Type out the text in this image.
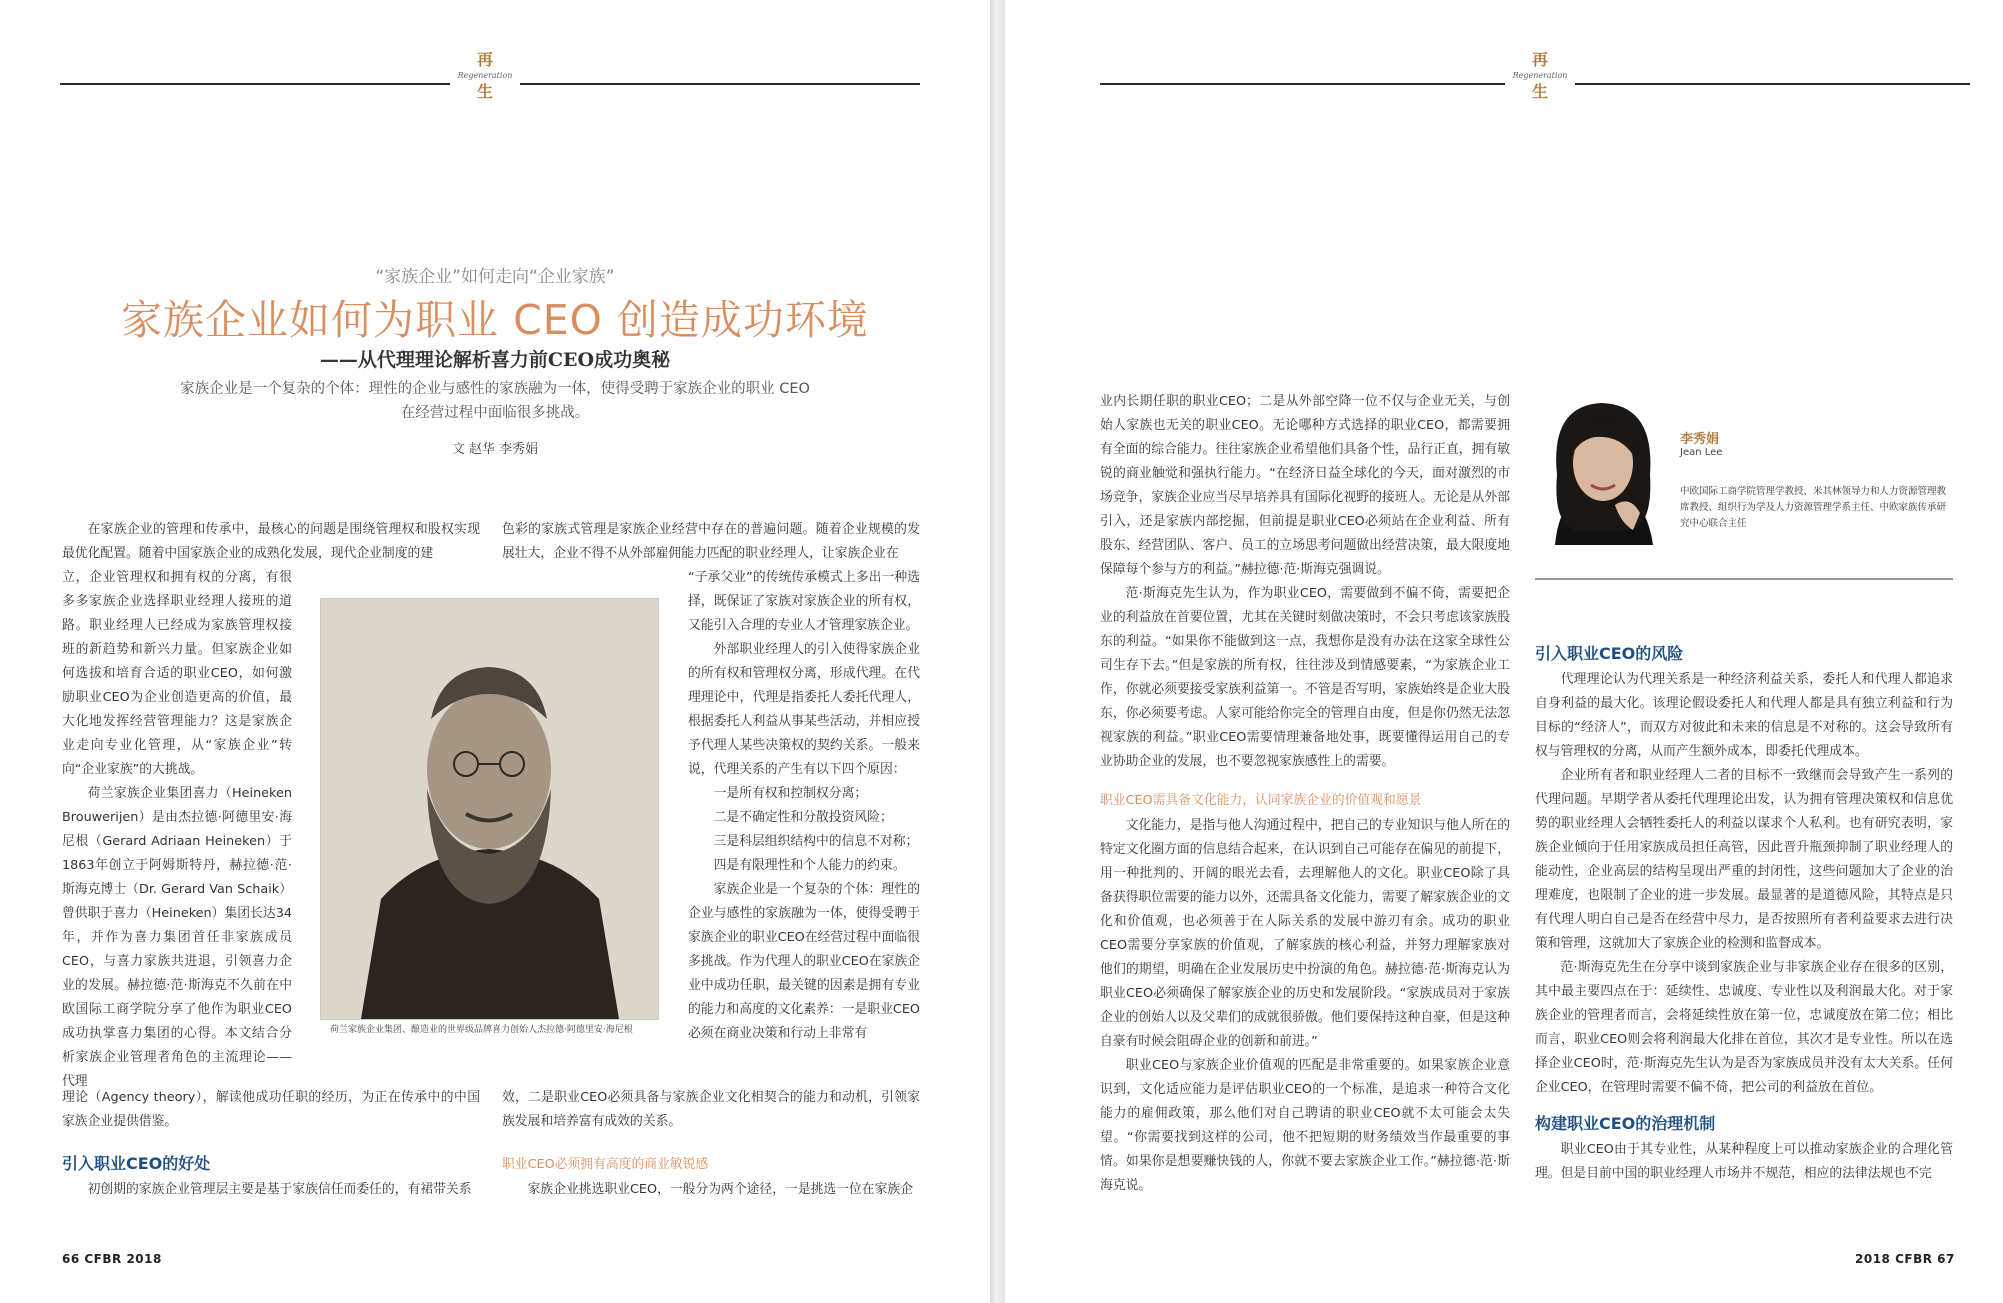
再
Regeneration
生
“家族企业”如何走向“企业家族”
家族企业如何为职业 CEO 创造成功环境
——从代理理论解析喜力前CEO成功奥秘
家族企业是一个复杂的个体：理性的企业与感性的家族融为一体，使得受聘于家族企业的职业 CEO
在经营过程中面临很多挑战。
文 赵华 李秀娟

在家族企业的管理和传承中，最核心的问题是围绕管理权和股权实现最优化配置。随着中国家族企业的成熟化发展，现代企业制度的建

立，企业管理权和拥有权的分离，有很多多家族企业选择职业经理人接班的道路。职业经理人已经成为家族管理权接班的新趋势和新兴力量。但家族企业如何选拔和培育合适的职业CEO，如何激励职业CEO为企业创造更高的价值，最大化地发挥经营管理能力？这是家族企业走向专业化管理，从“家族企业”转向“企业家族”的大挑战。

荷兰家族企业集团喜力（Heineken Brouwerijen）是由杰拉德·阿德里安·海尼根（Gerard Adriaan Heineken）于1863年创立于阿姆斯特丹，赫拉德·范·斯海克博士（Dr. Gerard Van Schaik）曾供职于喜力（Heineken）集团长达34年，并作为喜力集团首任非家族成员CEO，与喜力家族共进退，引领喜力企业的发展。赫拉德·范·斯海克不久前在中欧国际工商学院分享了他作为职业CEO成功执掌喜力集团的心得。本文结合分析家族企业管理者角色的主流理论——代理

理论（Agency theory），解读他成功任职的经历，为正在传承中的中国家族企业提供借鉴。

引入职业CEO的好处

初创期的家族企业管理层主要是基于家族信任而委任的，有裙带关系

色彩的家族式管理是家族企业经营中存在的普遍问题。随着企业规模的发展壮大，企业不得不从外部雇佣能力匹配的职业经理人，让家族企业在

“子承父业”的传统传承模式上多出一种选择，既保证了家族对家族企业的所有权，又能引入合理的专业人才管理家族企业。

外部职业经理人的引入使得家族企业的所有权和管理权分离，形成代理。在代理理论中，代理是指委托人委托代理人，根据委托人利益从事某些活动，并相应授予代理人某些决策权的契约关系。一般来说，代理关系的产生有以下四个原因：

一是所有权和控制权分离；

二是不确定性和分散投资风险；

三是科层组织结构中的信息不对称；

四是有限理性和个人能力的约束。

家族企业是一个复杂的个体：理性的企业与感性的家族融为一体，使得受聘于家族企业的职业CEO在经营过程中面临很多挑战。作为代理人的职业CEO在家族企业中成功任职，最关键的因素是拥有专业的能力和高度的文化素养：一是职业CEO必须在商业决策和行动上非常有

效，二是职业CEO必须具备与家族企业文化相契合的能力和动机，引领家族发展和培养富有成效的关系。

职业CEO必须拥有高度的商业敏锐感

家族企业挑选职业CEO，一般分为两个途径，一是挑选一位在家族企

荷兰家族企业集团、酿造业的世界级品牌喜力创始人杰拉德·阿德里安·海尼根
66 CFBR 2018
再
Regeneration
生

业内长期任职的职业CEO；二是从外部空降一位不仅与企业无关，与创始人家族也无关的职业CEO。无论哪种方式选择的职业CEO，都需要拥有全面的综合能力。往往家族企业希望他们具备个性，品行正直，拥有敏锐的商业触觉和强执行能力。“在经济日益全球化的今天，面对激烈的市场竞争，家族企业应当尽早培养具有国际化视野的接班人。无论是从外部引入，还是家族内部挖掘，但前提是职业CEO必须站在企业利益、所有股东、经营团队、客户、员工的立场思考问题做出经营决策，最大限度地保障每个参与方的利益。”赫拉德·范·斯海克强调说。

范·斯海克先生认为，作为职业CEO，需要做到不偏不倚，需要把企业的利益放在首要位置，尤其在关键时刻做决策时，不会只考虑该家族股东的利益。“如果你不能做到这一点，我想你是没有办法在这家全球性公司生存下去。”但是家族的所有权，往往涉及到情感要素，“为家族企业工作，你就必须要接受家族利益第一。不管是否写明，家族始终是企业大股东，你必须要考虑。人家可能给你完全的管理自由度，但是你仍然无法忽视家族的利益。”职业CEO需要情理兼备地处事，既要懂得运用自己的专业协助企业的发展，也不要忽视家族感性上的需要。

职业CEO需具备文化能力，认同家族企业的价值观和愿景

文化能力，是指与他人沟通过程中，把自己的专业知识与他人所在的特定文化圈方面的信息结合起来，在认识到自己可能存在偏见的前提下，用一种批判的、开阔的眼光去看，去理解他人的文化。职业CEO除了具备获得职位需要的能力以外，还需具备文化能力，需要了解家族企业的文化和价值观，也必须善于在人际关系的发展中游刃有余。成功的职业CEO需要分享家族的价值观，了解家族的核心利益，并努力理解家族对他们的期望，明确在企业发展历史中扮演的角色。赫拉德·范·斯海克认为职业CEO必须确保了解家族企业的历史和发展阶段。“家族成员对于家族企业的创始人以及父辈们的成就很骄傲。他们要保持这种自豪，但是这种自豪有时候会阻碍企业的创新和前进。”

职业CEO与家族企业价值观的匹配是非常重要的。如果家族企业意识到，文化适应能力是评估职业CEO的一个标准，是追求一种符合文化能力的雇佣政策，那么他们对自己聘请的职业CEO就不太可能会太失望。“你需要找到这样的公司，他不把短期的财务绩效当作最重要的事情。如果你是想要赚快钱的人，你就不要去家族企业工作。”赫拉德·范·斯海克说。

李秀娟
Jean Lee
中欧国际工商学院管理学教授、米其林领导力和人力资源管理教席教授、组织行为学及人力资源管理学系主任、中欧家族传承研究中心联合主任
引入职业CEO的风险

代理理论认为代理关系是一种经济利益关系，委托人和代理人都追求自身利益的最大化。该理论假设委托人和代理人都是具有独立利益和行为目标的“经济人”，而双方对彼此和未来的信息是不对称的。这会导致所有权与管理权的分离，从而产生额外成本，即委托代理成本。

企业所有者和职业经理人二者的目标不一致继而会导致产生一系列的代理问题。早期学者从委托代理理论出发，认为拥有管理决策权和信息优势的职业经理人会牺牲委托人的利益以谋求个人私利。也有研究表明，家族企业倾向于任用家族成员担任高管，因此晋升瓶颈抑制了职业经理人的能动性，企业高层的结构呈现出严重的封闭性，这些问题加大了企业的治理难度，也限制了企业的进一步发展。最显著的是道德风险，其特点是只有代理人明白自己是否在经营中尽力，是否按照所有者利益要求去进行决策和管理，这就加大了家族企业的检测和监督成本。

范·斯海克先生在分享中谈到家族企业与非家族企业存在很多的区别，其中最主要四点在于：延续性、忠诚度、专业性以及利润最大化。对于家族企业的管理者而言，会将延续性放在第一位，忠诚度放在第二位；相比而言，职业CEO则会将利润最大化排在首位，其次才是专业性。所以在选择企业CEO时，范·斯海克先生认为是否为家族成员并没有太大关系。任何企业CEO，在管理时需要不偏不倚，把公司的利益放在首位。

构建职业CEO的治理机制

职业CEO由于其专业性，从某种程度上可以推动家族企业的合理化管理。但是目前中国的职业经理人市场并不规范，相应的法律法规也不完

2018 CFBR 67
